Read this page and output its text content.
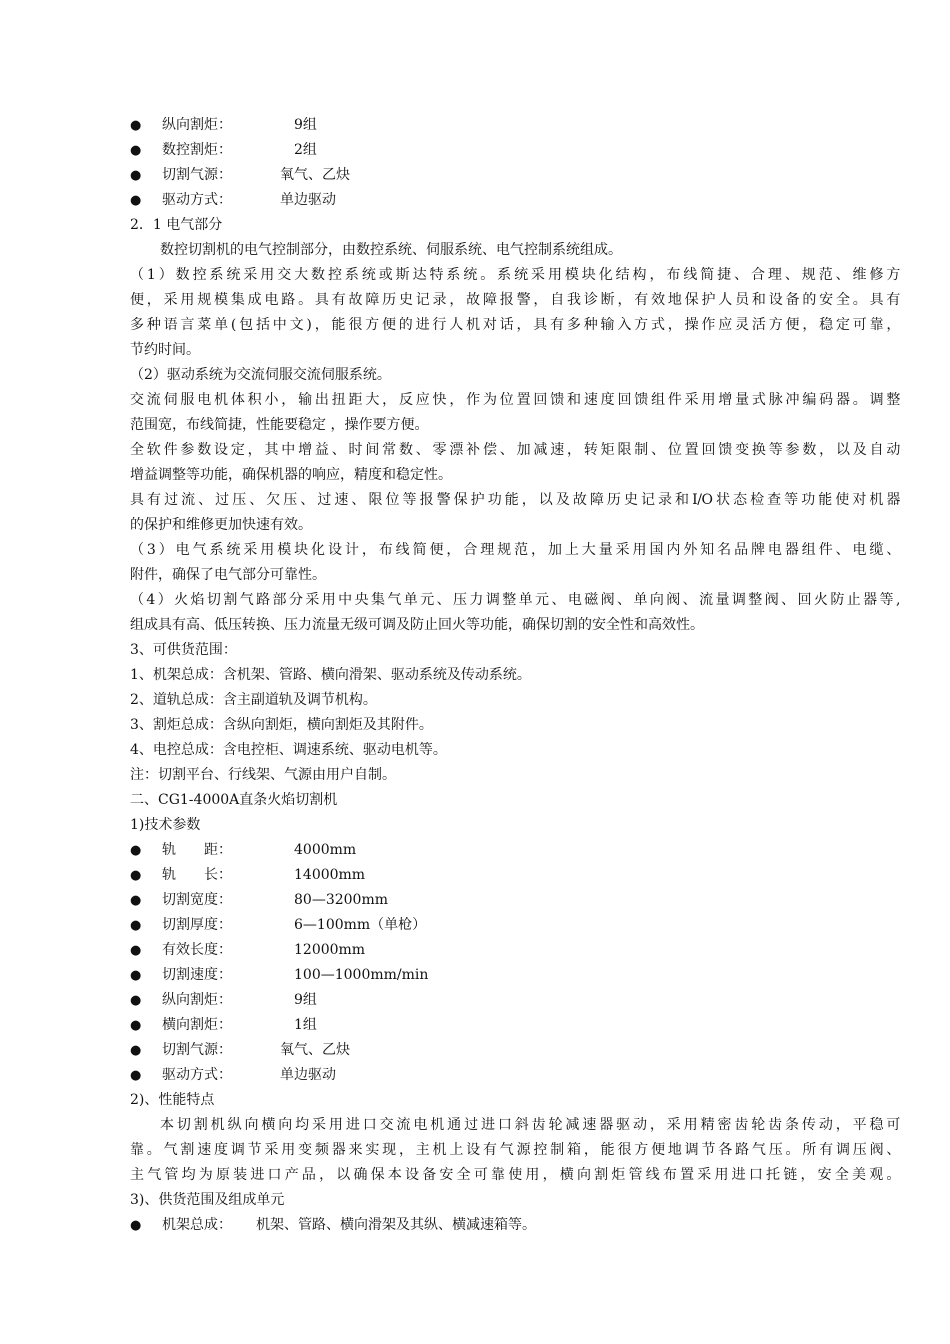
●	纵向割炬：	9组
●	数控割炬：	2组
●	切割气源：	氧气、乙炔
●	驱动方式：	单边驱动
2．1 电气部分
数控切割机的电气控制部分，由数控系统、伺服系统、电气控制系统组成。
（1）数控系统采用交大数控系统或斯达特系统。系统采用模块化结构，布线简捷、合理、规范、维修方
便，采用规模集成电路。具有故障历史记录，故障报警，自我诊断，有效地保护人员和设备的安全。具有
多种语言菜单(包括中文)，能很方便的进行人机对话，具有多种输入方式，操作应灵活方便，稳定可靠，
节约时间。
（2）驱动系统为交流伺服交流伺服系统。
交流伺服电机体积小，输出扭距大，反应快，作为位置回馈和速度回馈组件采用增量式脉冲编码器。调整
范围宽，布线简捷，性能要稳定 ，操作要方便。
全软件参数设定，其中增益、时间常数、零漂补偿、加减速，转矩限制、位置回馈变换等参数，以及自动
增益调整等功能，确保机器的响应，精度和稳定性。
具有过流、过压、欠压、过速、限位等报警保护功能，以及故障历史记录和I/O状态检查等功能使对机器
的保护和维修更加快速有效。
（3）电气系统采用模块化设计，布线简便，合理规范，加上大量采用国内外知名品牌电器组件、电缆、
附件，确保了电气部分可靠性。
（4）火焰切割气路部分采用中央集气单元、压力调整单元、电磁阀、单向阀、流量调整阀、回火防止器等,
组成具有高、低压转换、压力流量无级可调及防止回火等功能，确保切割的安全性和高效性。
3、可供货范围：
1、机架总成：含机架、管路、横向滑架、驱动系统及传动系统。
2、道轨总成：含主副道轨及调节机构。
3、割炬总成：含纵向割炬，横向割炬及其附件。
4、电控总成：含电控柜、调速系统、驱动电机等。
注：切割平台、行线架、气源由用户自制。
二、CG1-4000A直条火焰切割机
1)技术参数
●	轨　　距：	4000mm
●	轨　　长：	14000mm
●	切割宽度：	80—3200mm
●	切割厚度：	6—100mm（单枪）
●	有效长度：	12000mm
●	切割速度：	100—1000mm/min
●	纵向割炬：	9组
●	横向割炬：	1组
●	切割气源：	氧气、乙炔
●	驱动方式：	单边驱动
2)、性能特点
本切割机纵向横向均采用进口交流电机通过进口斜齿轮减速器驱动，采用精密齿轮齿条传动，平稳可
靠。气割速度调节采用变频器来实现，主机上设有气源控制箱，能很方便地调节各路气压。所有调压阀、
主气管均为原装进口产品，以确保本设备安全可靠使用，横向割炬管线布置采用进口托链，安全美观。
3)、供货范围及组成单元
●	机架总成： 机架、管路、横向滑架及其纵、横减速箱等。
